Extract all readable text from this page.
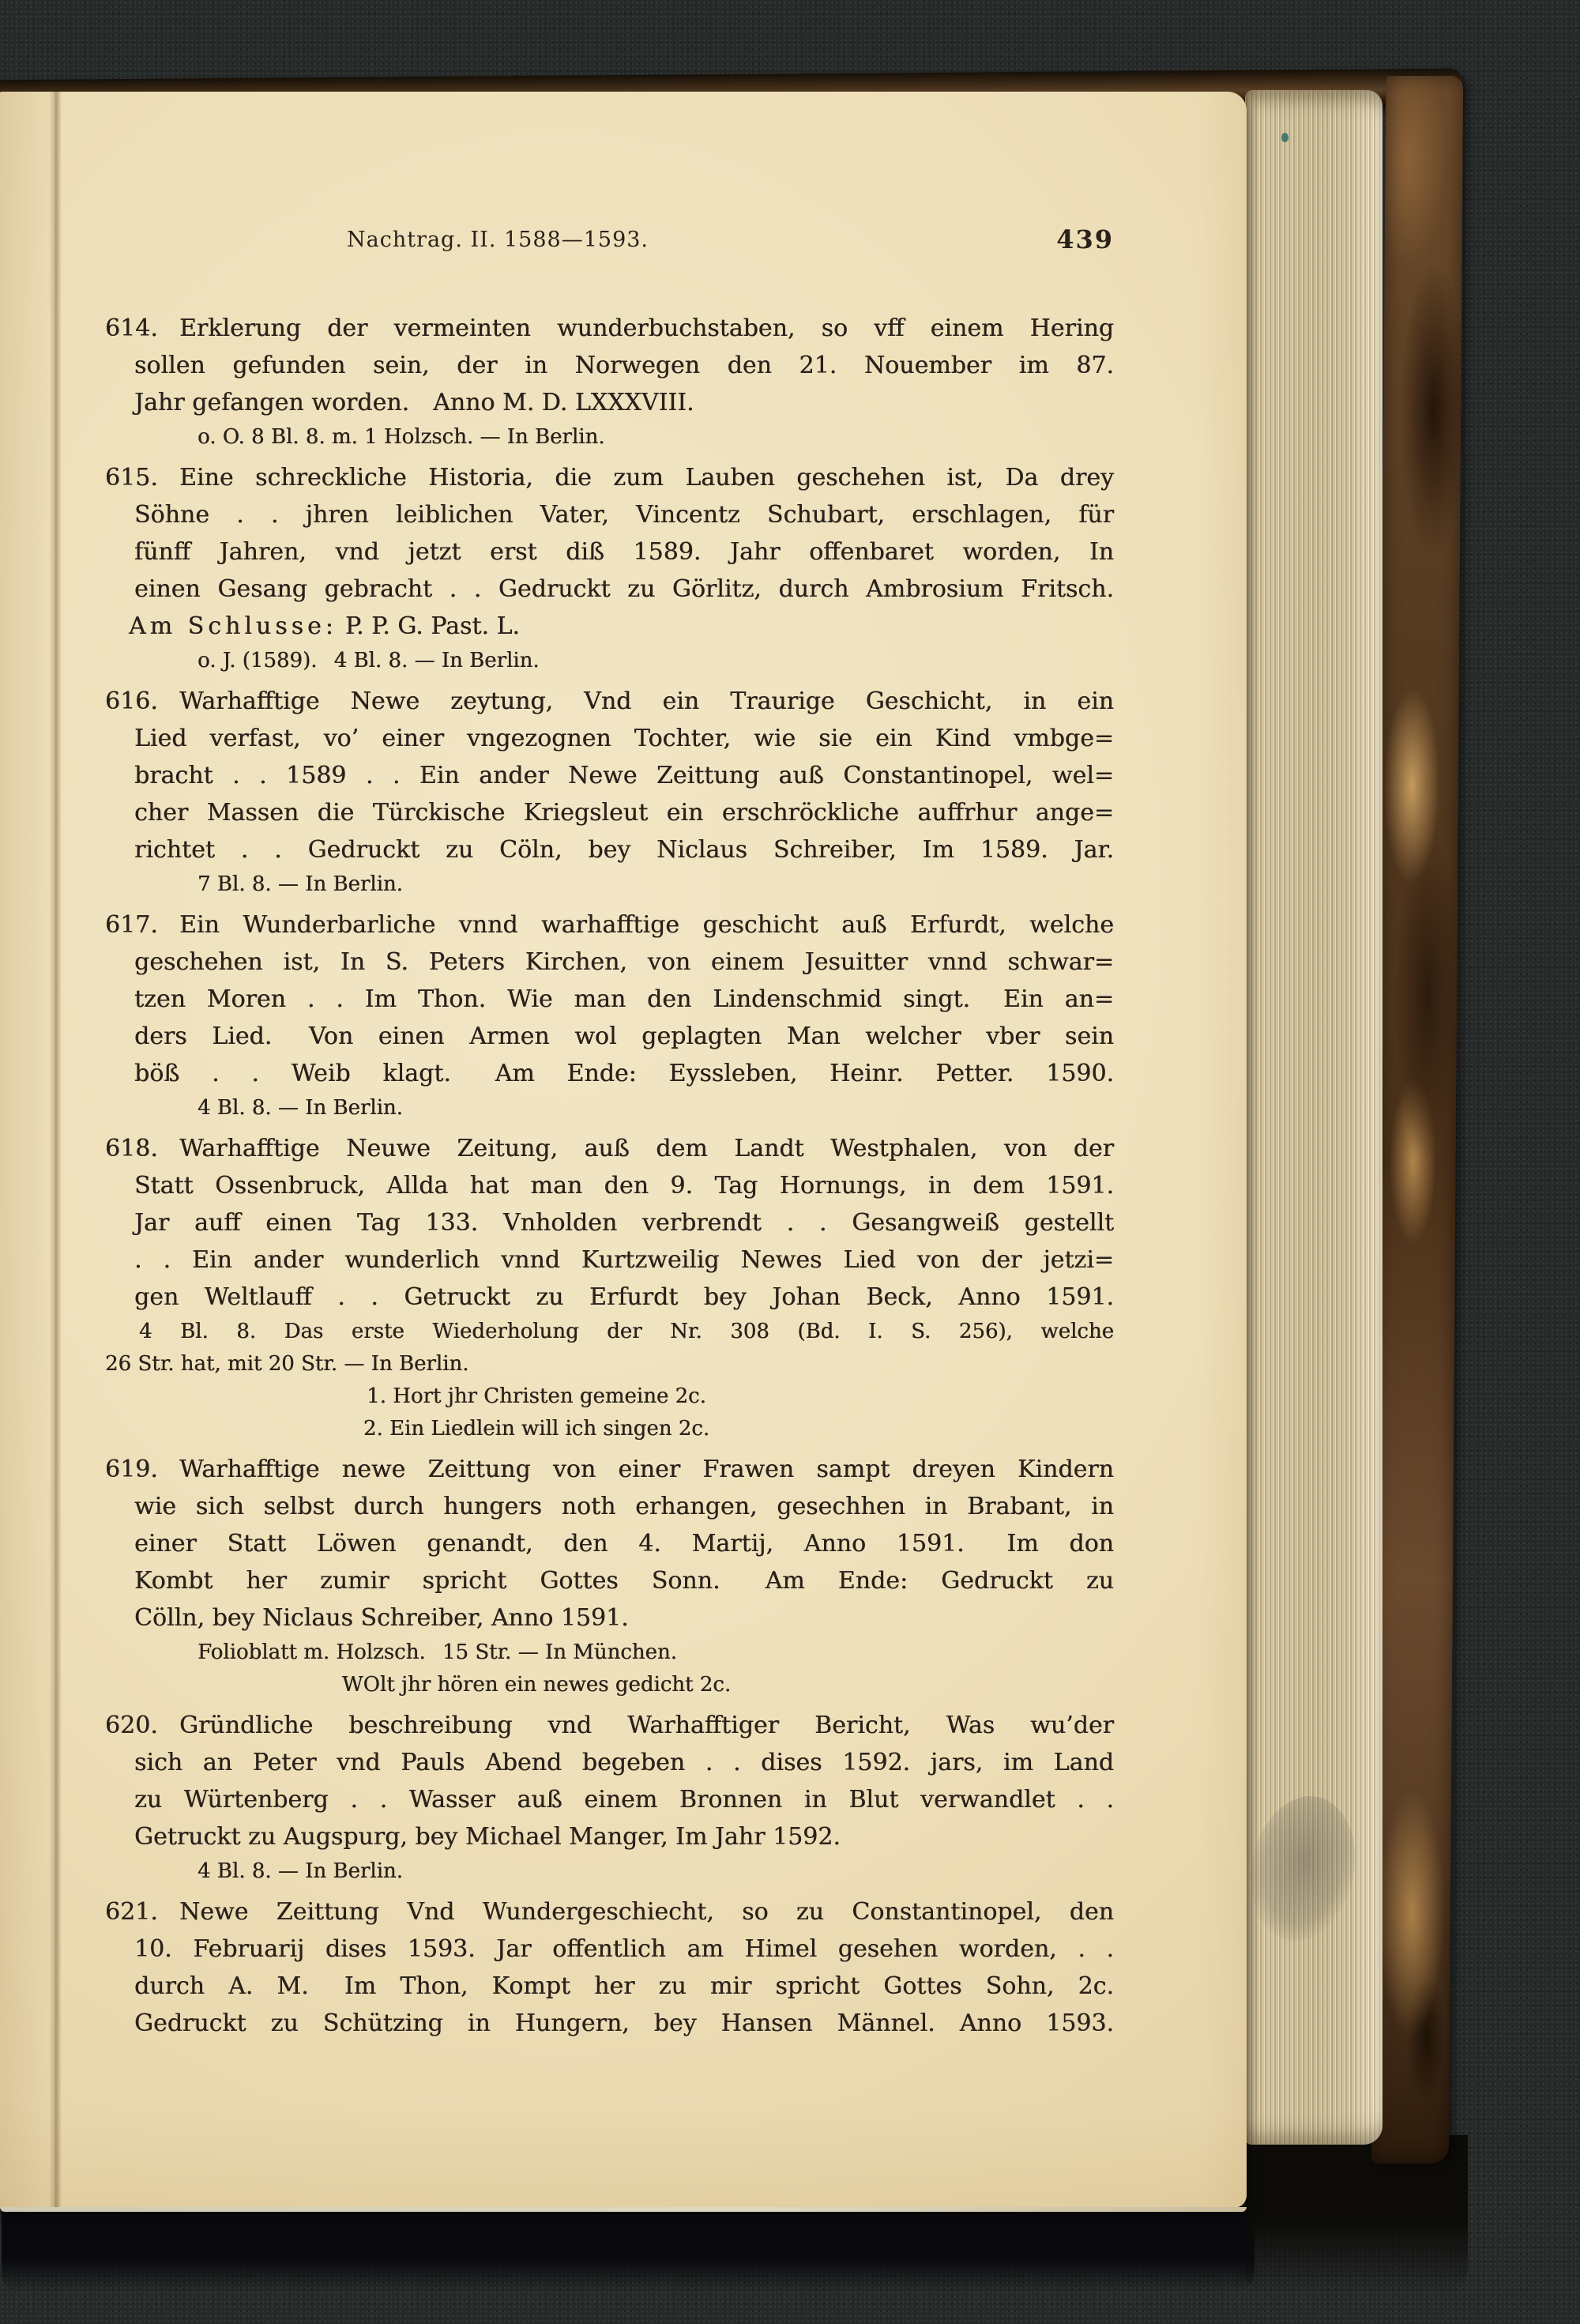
Nachtrag. II. 1588—1593.	439
614. Erklerung der vermeinten wunderbuchstaben, so vff einem Hering
sollen gefunden sein, der in Norwegen den 21. Nouember im 87.
Jahr gefangen worden.  Anno M. D. LXXXVIII.
o. O. 8 Bl. 8. m. 1 Holzsch. — In Berlin.
615. Eine schreckliche Historia, die zum Lauben geschehen ist, Da drey
Söhne . . jhren leiblichen Vater, Vincentz Schubart, erschlagen, für
fünff Jahren, vnd jetzt erst diß 1589. Jahr offenbaret worden, In
einen Gesang gebracht . . Gedruckt zu Görlitz, durch Ambrosium Fritsch.
Am Schlusse: P. P. G. Past. L.
o. J. (1589).  4 Bl. 8. — In Berlin.
616. Warhafftige Newe zeytung, Vnd ein Traurige Geschicht, in ein
Lied verfast, vo’ einer vngezognen Tochter, wie sie ein Kind vmbge=
bracht . . 1589 . . Ein ander Newe Zeittung auß Constantinopel, wel=
cher Massen die Türckische Kriegsleut ein erschröckliche auffrhur ange=
richtet . . Gedruckt zu Cöln, bey Niclaus Schreiber, Im 1589. Jar.
7 Bl. 8. — In Berlin.
617. Ein Wunderbarliche vnnd warhafftige geschicht auß Erfurdt, welche
geschehen ist, In S. Peters Kirchen, von einem Jesuitter vnnd schwar=
tzen Moren . . Im Thon. Wie man den Lindenschmid singt.  Ein an=
ders Lied.  Von einen Armen wol geplagten Man welcher vber sein
böß . . Weib klagt.  Am Ende: Eyssleben, Heinr. Petter. 1590.
4 Bl. 8. — In Berlin.
618. Warhafftige Neuwe Zeitung, auß dem Landt Westphalen, von der
Statt Ossenbruck, Allda hat man den 9. Tag Hornungs, in dem 1591.
Jar auff einen Tag 133. Vnholden verbrendt . . Gesangweiß gestellt
. . Ein ander wunderlich vnnd Kurtzweilig Newes Lied von der jetzi=
gen Weltlauff . . Getruckt zu Erfurdt bey Johan Beck, Anno 1591.
4 Bl. 8. Das erste Wiederholung der Nr. 308 (Bd. I. S. 256), welche
26 Str. hat, mit 20 Str. — In Berlin.
1. Hort jhr Christen gemeine 2c.
2. Ein Liedlein will ich singen 2c.
619. Warhafftige newe Zeittung von einer Frawen sampt dreyen Kindern
wie sich selbst durch hungers noth erhangen, gesechhen in Brabant, in
einer Statt Löwen genandt, den 4. Martij, Anno 1591.  Im don
Kombt her zumir spricht Gottes Sonn.  Am Ende: Gedruckt zu
Cölln, bey Niclaus Schreiber, Anno 1591.
Folioblatt m. Holzsch.  15 Str. — In München.
WOlt jhr hören ein newes gedicht 2c.
620. Gründliche beschreibung vnd Warhafftiger Bericht, Was wu’der
sich an Peter vnd Pauls Abend begeben . . dises 1592. jars, im Land
zu Würtenberg . . Wasser auß einem Bronnen in Blut verwandlet . .
Getruckt zu Augspurg, bey Michael Manger, Im Jahr 1592.
4 Bl. 8. — In Berlin.
621. Newe Zeittung Vnd Wundergeschiecht, so zu Constantinopel, den
10. Februarij dises 1593. Jar offentlich am Himel gesehen worden, . .
durch A. M.  Im Thon, Kompt her zu mir spricht Gottes Sohn, 2c.
Gedruckt zu Schützing in Hungern, bey Hansen Männel. Anno 1593.
